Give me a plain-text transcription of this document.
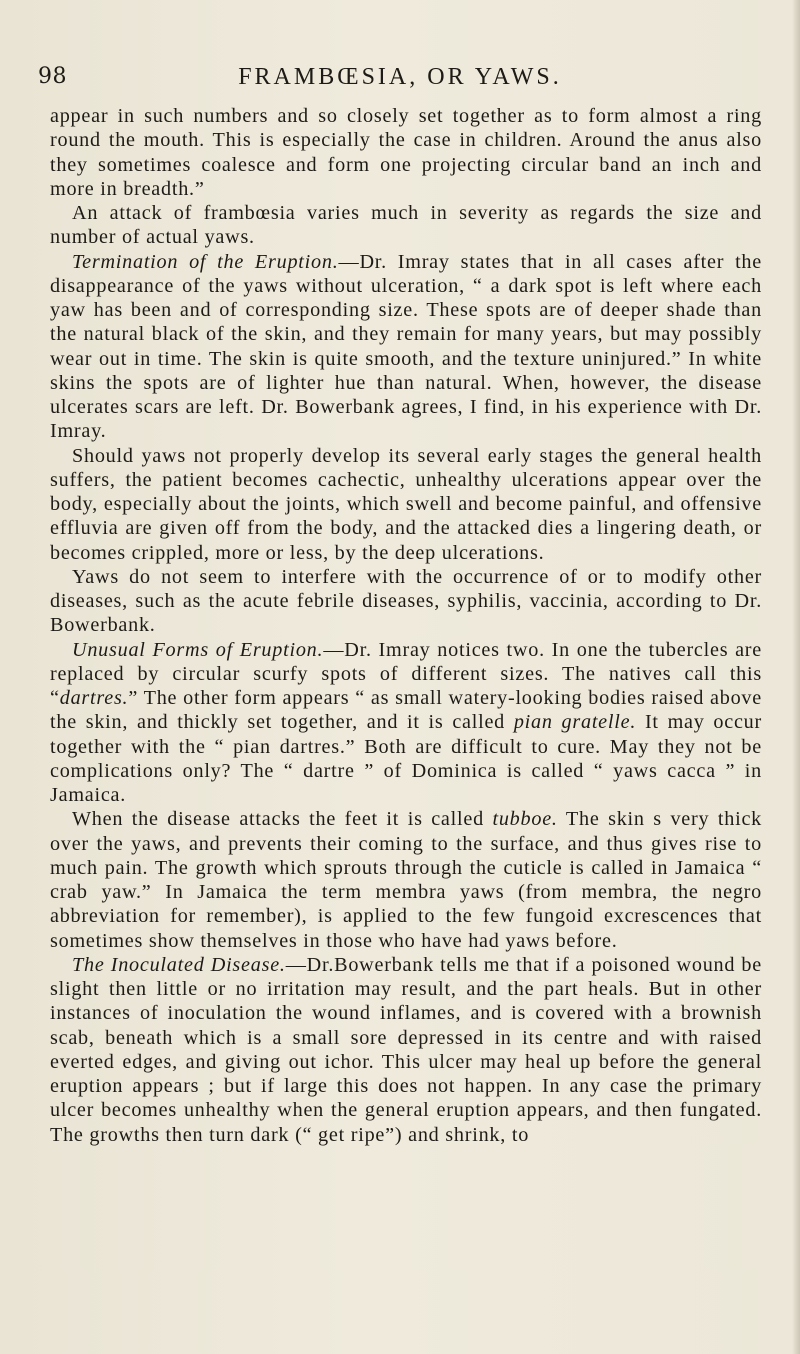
98	FRAMBŒSIA, OR YAWS.

appear in such numbers and so closely set together as to form almost a ring round the mouth. This is especially the case in children. Around the anus also they sometimes coalesce and form one projecting circular band an inch and more in breadth.”

An attack of frambœsia varies much in severity as regards the size and number of actual yaws.

Termination of the Eruption.—Dr. Imray states that in all cases after the disappearance of the yaws without ulceration, “ a dark spot is left where each yaw has been and of corresponding size. These spots are of deeper shade than the natural black of the skin, and they remain for many years, but may possibly wear out in time. The skin is quite smooth, and the texture uninjured.” In white skins the spots are of lighter hue than natural. When, however, the disease ulcerates scars are left. Dr. Bowerbank agrees, I find, in his experience with Dr. Imray.

Should yaws not properly develop its several early stages the general health suffers, the patient becomes cachectic, unhealthy ulcerations appear over the body, especially about the joints, which swell and become painful, and offensive effluvia are given off from the body, and the attacked dies a lingering death, or becomes crippled, more or less, by the deep ulcerations.

Yaws do not seem to interfere with the occurrence of or to modify other diseases, such as the acute febrile diseases, syphilis, vaccinia, according to Dr. Bowerbank.

Unusual Forms of Eruption.—Dr. Imray notices two. In one the tubercles are replaced by circular scurfy spots of different sizes. The natives call this “dartres.” The other form appears “ as small watery-looking bodies raised above the skin, and thickly set together, and it is called pian gratelle. It may occur together with the “ pian dartres.” Both are difficult to cure. May they not be complications only? The “ dartre ” of Dominica is called “ yaws cacca ” in Jamaica.

When the disease attacks the feet it is called tubboe. The skin s very thick over the yaws, and prevents their coming to the surface, and thus gives rise to much pain. The growth which sprouts through the cuticle is called in Jamaica “ crab yaw.” In Jamaica the term membra yaws (from membra, the negro abbreviation for remember), is applied to the few fungoid excrescences that sometimes show themselves in those who have had yaws before.

The Inoculated Disease.—Dr.Bowerbank tells me that if a poisoned wound be slight then little or no irritation may result, and the part heals. But in other instances of inoculation the wound inflames, and is covered with a brownish scab, beneath which is a small sore depressed in its centre and with raised everted edges, and giving out ichor. This ulcer may heal up before the general eruption appears ; but if large this does not happen. In any case the primary ulcer becomes unhealthy when the general eruption appears, and then fungated. The growths then turn dark (“ get ripe”) and shrink, to
